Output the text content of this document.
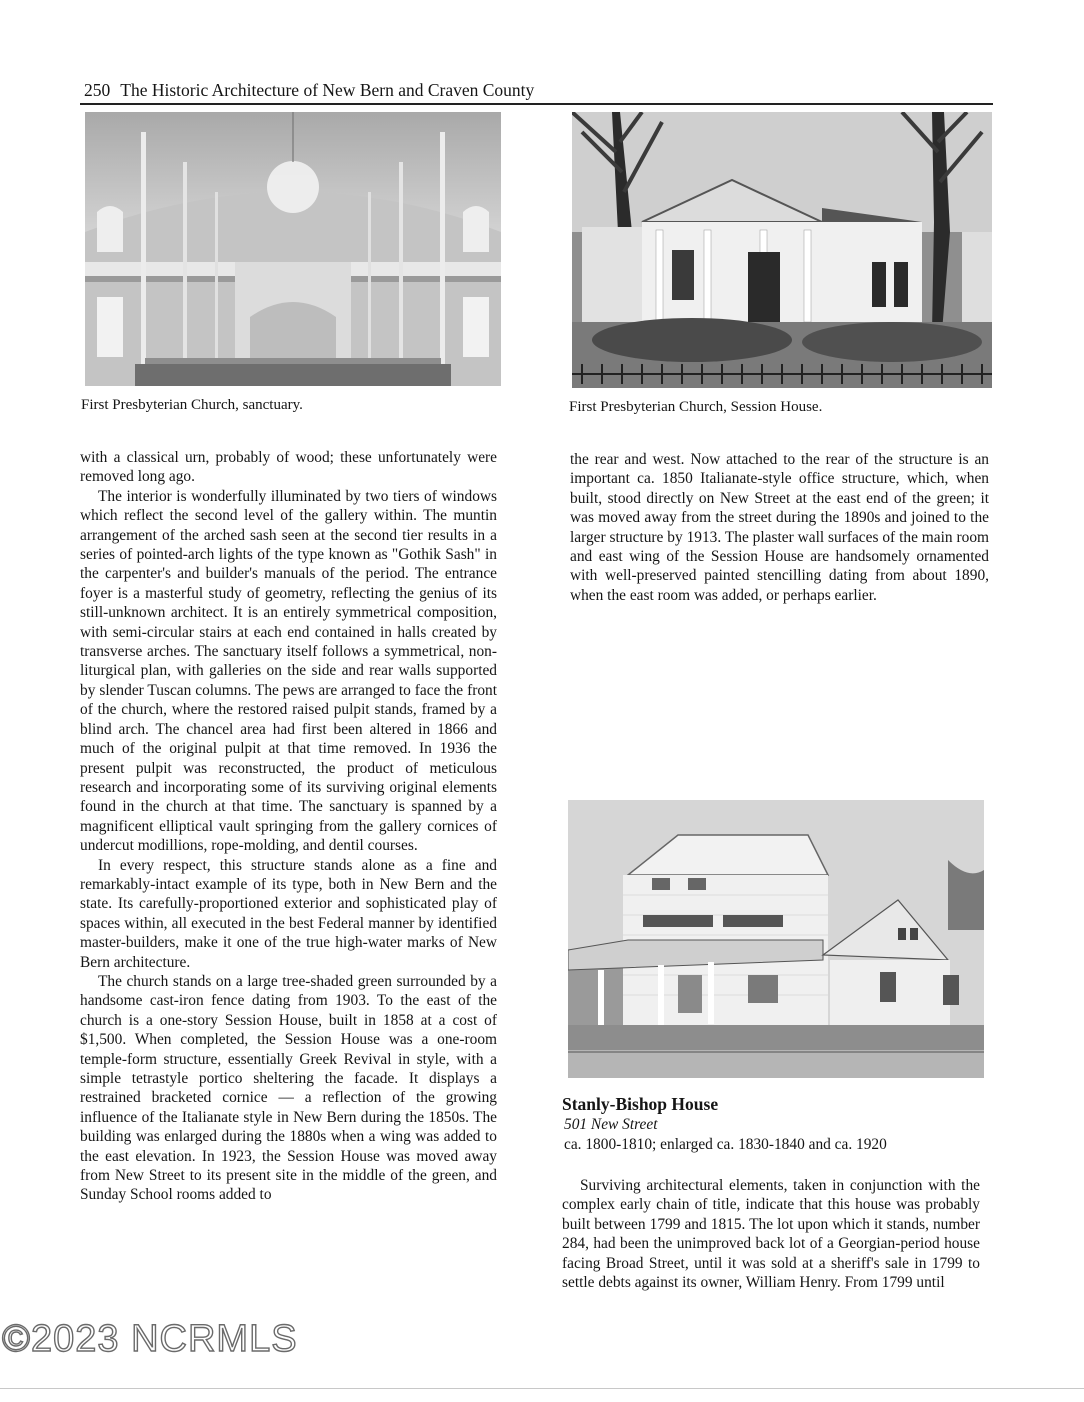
250 The Historic Architecture of New Bern and Craven County
First Presbyterian Church, sanctuary.	First Presbyterian Church, Session House.

with a classical urn, probably of wood; these unfortunately were removed long ago.

The interior is wonderfully illuminated by two tiers of windows which reflect the second level of the gallery within. The muntin arrangement of the arched sash seen at the second tier results in a series of pointed-arch lights of the type known as "Gothik Sash" in the carpenter's and builder's manuals of the period. The entrance foyer is a masterful study of geometry, reflecting the genius of its still-unknown architect. It is an entirely symmetrical composition, with semi-circular stairs at each end contained in halls created by transverse arches. The sanctuary itself follows a symmetrical, non-liturgical plan, with galleries on the side and rear walls supported by slender Tuscan columns. The pews are arranged to face the front of the church, where the restored raised pulpit stands, framed by a blind arch. The chancel area had first been altered in 1866 and much of the original pulpit at that time removed. In 1936 the present pulpit was reconstructed, the product of meticulous research and incorporating some of its surviving original elements found in the church at that time. The sanctuary is spanned by a magnificent elliptical vault springing from the gallery cornices of undercut modillions, rope-molding, and dentil courses.

In every respect, this structure stands alone as a fine and remarkably-intact example of its type, both in New Bern and the state. Its carefully-proportioned exterior and sophisticated play of spaces within, all executed in the best Federal manner by identified master-builders, make it one of the true high-water marks of New Bern architecture.

The church stands on a large tree-shaded green surrounded by a handsome cast-iron fence dating from 1903. To the east of the church is a one-story Session House, built in 1858 at a cost of $1,500. When completed, the Session House was a one-room temple-form structure, essentially Greek Revival in style, with a simple tetrastyle portico sheltering the facade. It displays a restrained bracketed cornice — a reflection of the growing influence of the Italianate style in New Bern during the 1850s. The building was enlarged during the 1880s when a wing was added to the east elevation. In 1923, the Session House was moved away from New Street to its present site in the middle of the green, and Sunday School rooms added to

the rear and west. Now attached to the rear of the structure is an important ca. 1850 Italianate-style office structure, which, when built, stood directly on New Street at the east end of the green; it was moved away from the street during the 1890s and joined to the larger structure by 1913. The plaster wall surfaces of the main room and east wing of the Session House are handsomely ornamented with well-preserved painted stencilling dating from about 1890, when the east room was added, or perhaps earlier.

Stanly-Bishop House
501 New Street
ca. 1800-1810; enlarged ca. 1830-1840 and ca. 1920

Surviving architectural elements, taken in conjunction with the complex early chain of title, indicate that this house was probably built between 1799 and 1815. The lot upon which it stands, number 284, had been the unimproved back lot of a Georgian-period house facing Broad Street, until it was sold at a sheriff's sale in 1799 to settle debts against its owner, William Henry. From 1799 until

©2023 NCRMLS
